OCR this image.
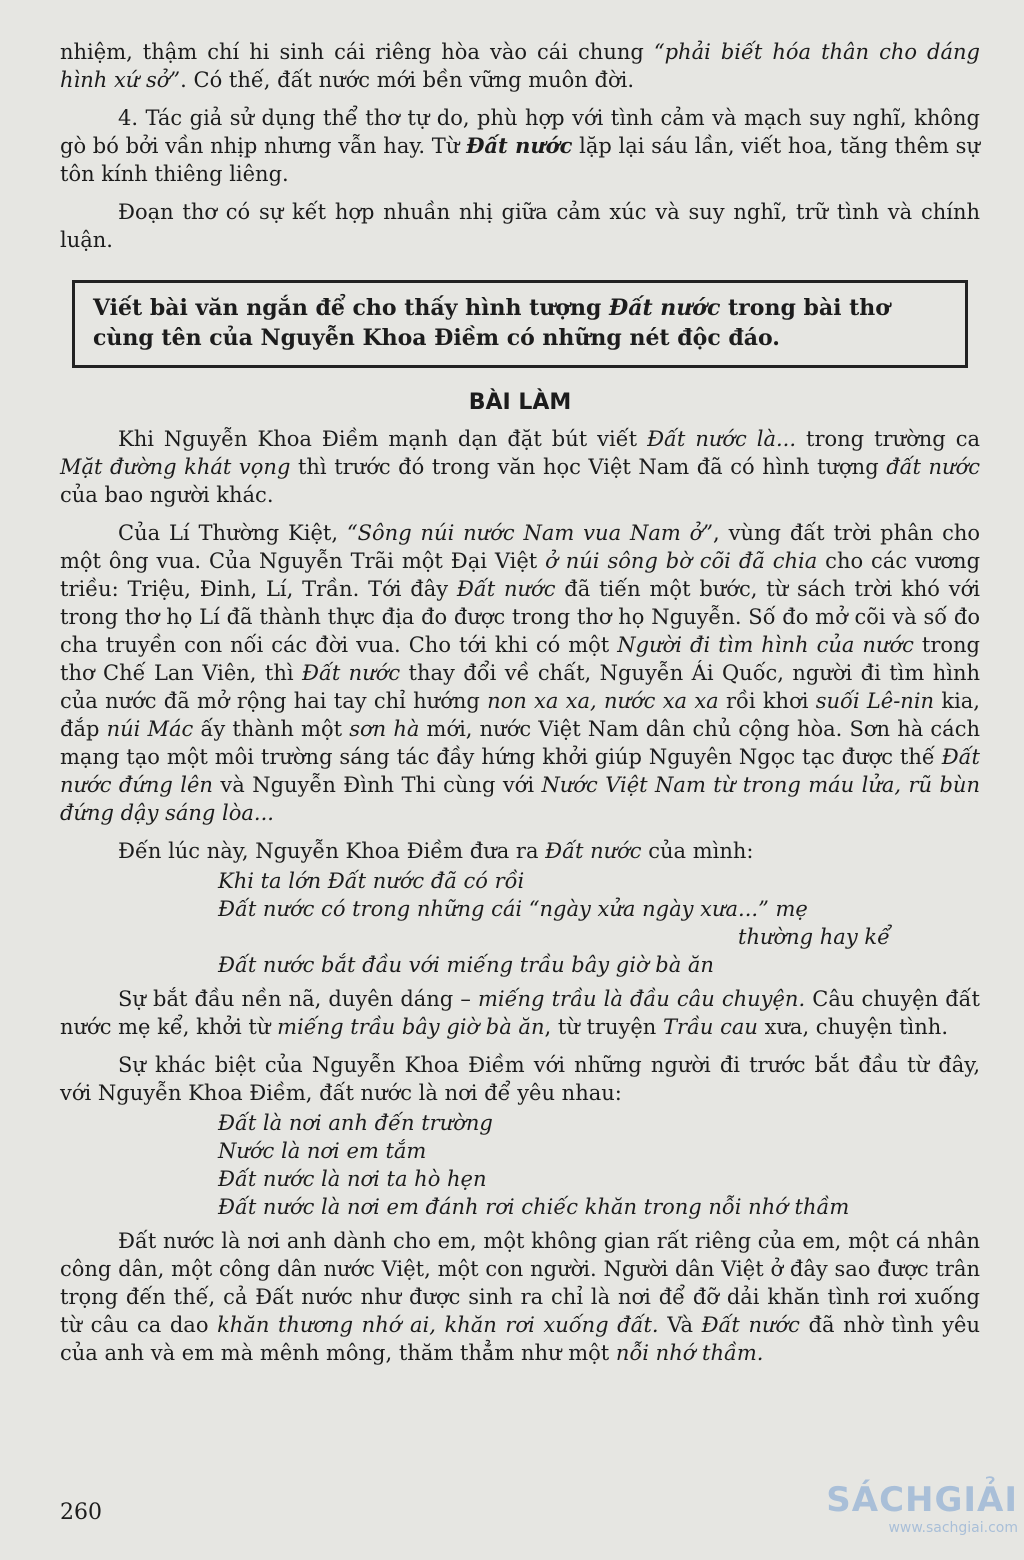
nhiệm, thậm chí hi sinh cái riêng hòa vào cái chung “phải biết hóa thân cho dáng hình xứ sở”. Có thế, đất nước mới bền vững muôn đời.

4. Tác giả sử dụng thể thơ tự do, phù hợp với tình cảm và mạch suy nghĩ, không gò bó bởi vần nhịp nhưng vẫn hay. Từ Đất nước lặp lại sáu lần, viết hoa, tăng thêm sự tôn kính thiêng liêng.

Đoạn thơ có sự kết hợp nhuần nhị giữa cảm xúc và suy nghĩ, trữ tình và chính luận.

Viết bài văn ngắn để cho thấy hình tượng Đất nước trong bài thơ cùng tên của Nguyễn Khoa Điềm có những nét độc đáo.
BÀI LÀM

Khi Nguyễn Khoa Điềm mạnh dạn đặt bút viết Đất nước là... trong trường ca Mặt đường khát vọng thì trước đó trong văn học Việt Nam đã có hình tượng đất nước của bao người khác.

Của Lí Thường Kiệt, “Sông núi nước Nam vua Nam ở”, vùng đất trời phân cho một ông vua. Của Nguyễn Trãi một Đại Việt ở núi sông bờ cõi đã chia cho các vương triều: Triệu, Đinh, Lí, Trần. Tới đây Đất nước đã tiến một bước, từ sách trời khó với trong thơ họ Lí đã thành thực địa đo được trong thơ họ Nguyễn. Số đo mở cõi và số đo cha truyền con nối các đời vua. Cho tới khi có một Người đi tìm hình của nước trong thơ Chế Lan Viên, thì Đất nước thay đổi về chất, Nguyễn Ái Quốc, người đi tìm hình của nước đã mở rộng hai tay chỉ hướng non xa xa, nước xa xa rồi khơi suối Lê-nin kia, đắp núi Mác ấy thành một sơn hà mới, nước Việt Nam dân chủ cộng hòa. Sơn hà cách mạng tạo một môi trường sáng tác đầy hứng khởi giúp Nguyên Ngọc tạc được thế Đất nước đứng lên và Nguyễn Đình Thi cùng với Nước Việt Nam từ trong máu lửa, rũ bùn đứng dậy sáng lòa...

Đến lúc này, Nguyễn Khoa Điềm đưa ra Đất nước của mình:

Khi ta lớn Đất nước đã có rồi
Đất nước có trong những cái “ngày xửa ngày xưa...” mẹ
thường hay kể
Đất nước bắt đầu với miếng trầu bây giờ bà ăn

Sự bắt đầu nền nã, duyên dáng – miếng trầu là đầu câu chuyện. Câu chuyện đất nước mẹ kể, khởi từ miếng trầu bây giờ bà ăn, từ truyện Trầu cau xưa, chuyện tình.

Sự khác biệt của Nguyễn Khoa Điềm với những người đi trước bắt đầu từ đây, với Nguyễn Khoa Điềm, đất nước là nơi để yêu nhau:

Đất là nơi anh đến trường
Nước là nơi em tắm
Đất nước là nơi ta hò hẹn
Đất nước là nơi em đánh rơi chiếc khăn trong nỗi nhớ thầm

Đất nước là nơi anh dành cho em, một không gian rất riêng của em, một cá nhân công dân, một công dân nước Việt, một con người. Người dân Việt ở đây sao được trân trọng đến thế, cả Đất nước như được sinh ra chỉ là nơi để đỡ dải khăn tình rơi xuống từ câu ca dao khăn thương nhớ ai, khăn rơi xuống đất. Và Đất nước đã nhờ tình yêu của anh và em mà mênh mông, thăm thẳm như một nỗi nhớ thầm.

260	SÁCHGIẢI
www.sachgiai.com
